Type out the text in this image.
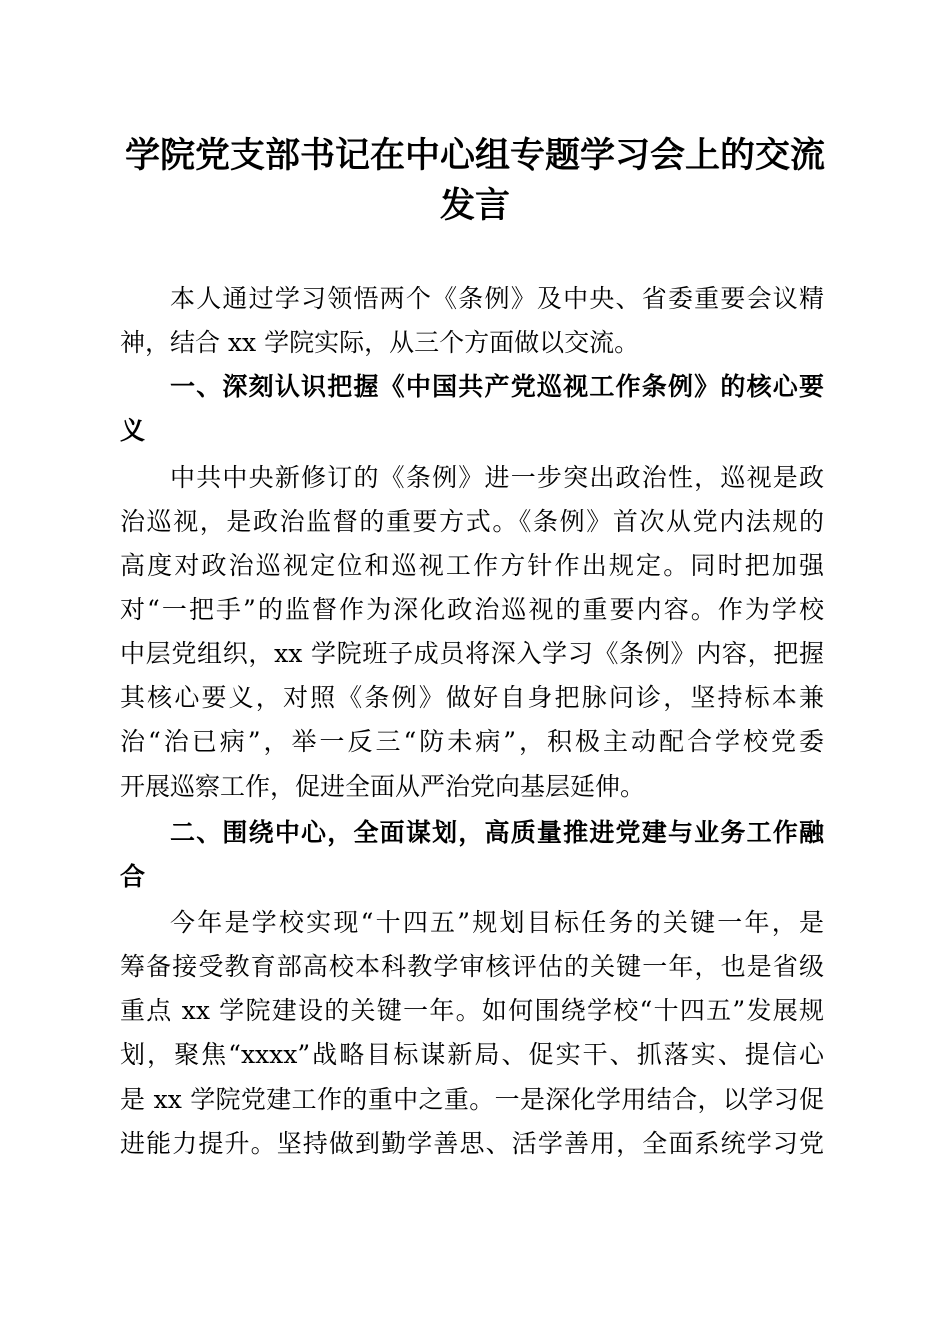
学院党支部书记在中心组专题学习会上的交流
发言
本人通过学习领悟两个《条例》及中央、省委重要会议精
神，结合 xx 学院实际，从三个方面做以交流。
一、深刻认识把握《中国共产党巡视工作条例》的核心要
义
中共中央新修订的《条例》进一步突出政治性，巡视是政
治巡视，是政治监督的重要方式。《条例》首次从党内法规的
高度对政治巡视定位和巡视工作方针作出规定。同时把加强
对“一把手”的监督作为深化政治巡视的重要内容。作为学校
中层党组织，xx 学院班子成员将深入学习《条例》内容，把握
其核心要义，对照《条例》做好自身把脉问诊，坚持标本兼
治“治已病”，举一反三“防未病”，积极主动配合学校党委
开展巡察工作，促进全面从严治党向基层延伸。
二、围绕中心，全面谋划，高质量推进党建与业务工作融
合
今年是学校实现“十四五”规划目标任务的关键一年，是
筹备接受教育部高校本科教学审核评估的关键一年，也是省级
重点 xx 学院建设的关键一年。如何围绕学校“十四五”发展规
划，聚焦“xxxx”战略目标谋新局、促实干、抓落实、提信心
是 xx 学院党建工作的重中之重。一是深化学用结合，以学习促
进能力提升。坚持做到勤学善思、活学善用，全面系统学习党
